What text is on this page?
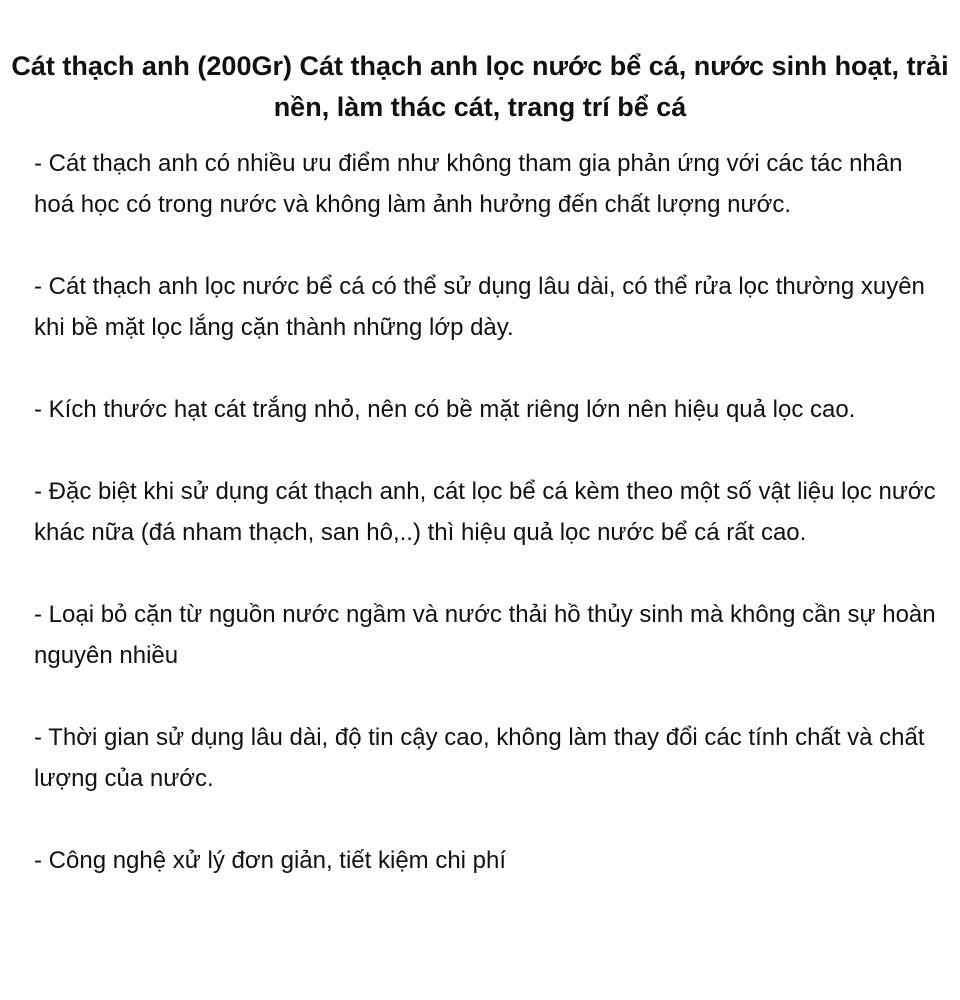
Cát thạch anh (200Gr) Cát thạch anh lọc nước bể cá, nước sinh hoạt, trải nền, làm thác cát, trang trí bể cá

- Cát thạch anh có nhiều ưu điểm như không tham gia phản ứng với các tác nhân hoá học có trong nước và không làm ảnh hưởng đến chất lượng nước.

- Cát thạch anh lọc nước bể cá có thể sử dụng lâu dài, có thể rửa lọc thường xuyên khi bề mặt lọc lắng cặn thành những lớp dày.

- Kích thước hạt cát trắng nhỏ, nên có bề mặt riêng lớn nên hiệu quả lọc cao.

- Đặc biệt khi sử dụng cát thạch anh, cát lọc bể cá kèm theo một số vật liệu lọc nước khác nữa (đá nham thạch, san hô,..) thì hiệu quả lọc nước bể cá rất cao.

- Loại bỏ cặn từ nguồn nước ngầm và nước thải hồ thủy sinh mà không cần sự hoàn nguyên nhiều

- Thời gian sử dụng lâu dài, độ tin cậy cao, không làm thay đổi các tính chất và chất lượng của nước.

- Công nghệ xử lý đơn giản, tiết kiệm chi phí
